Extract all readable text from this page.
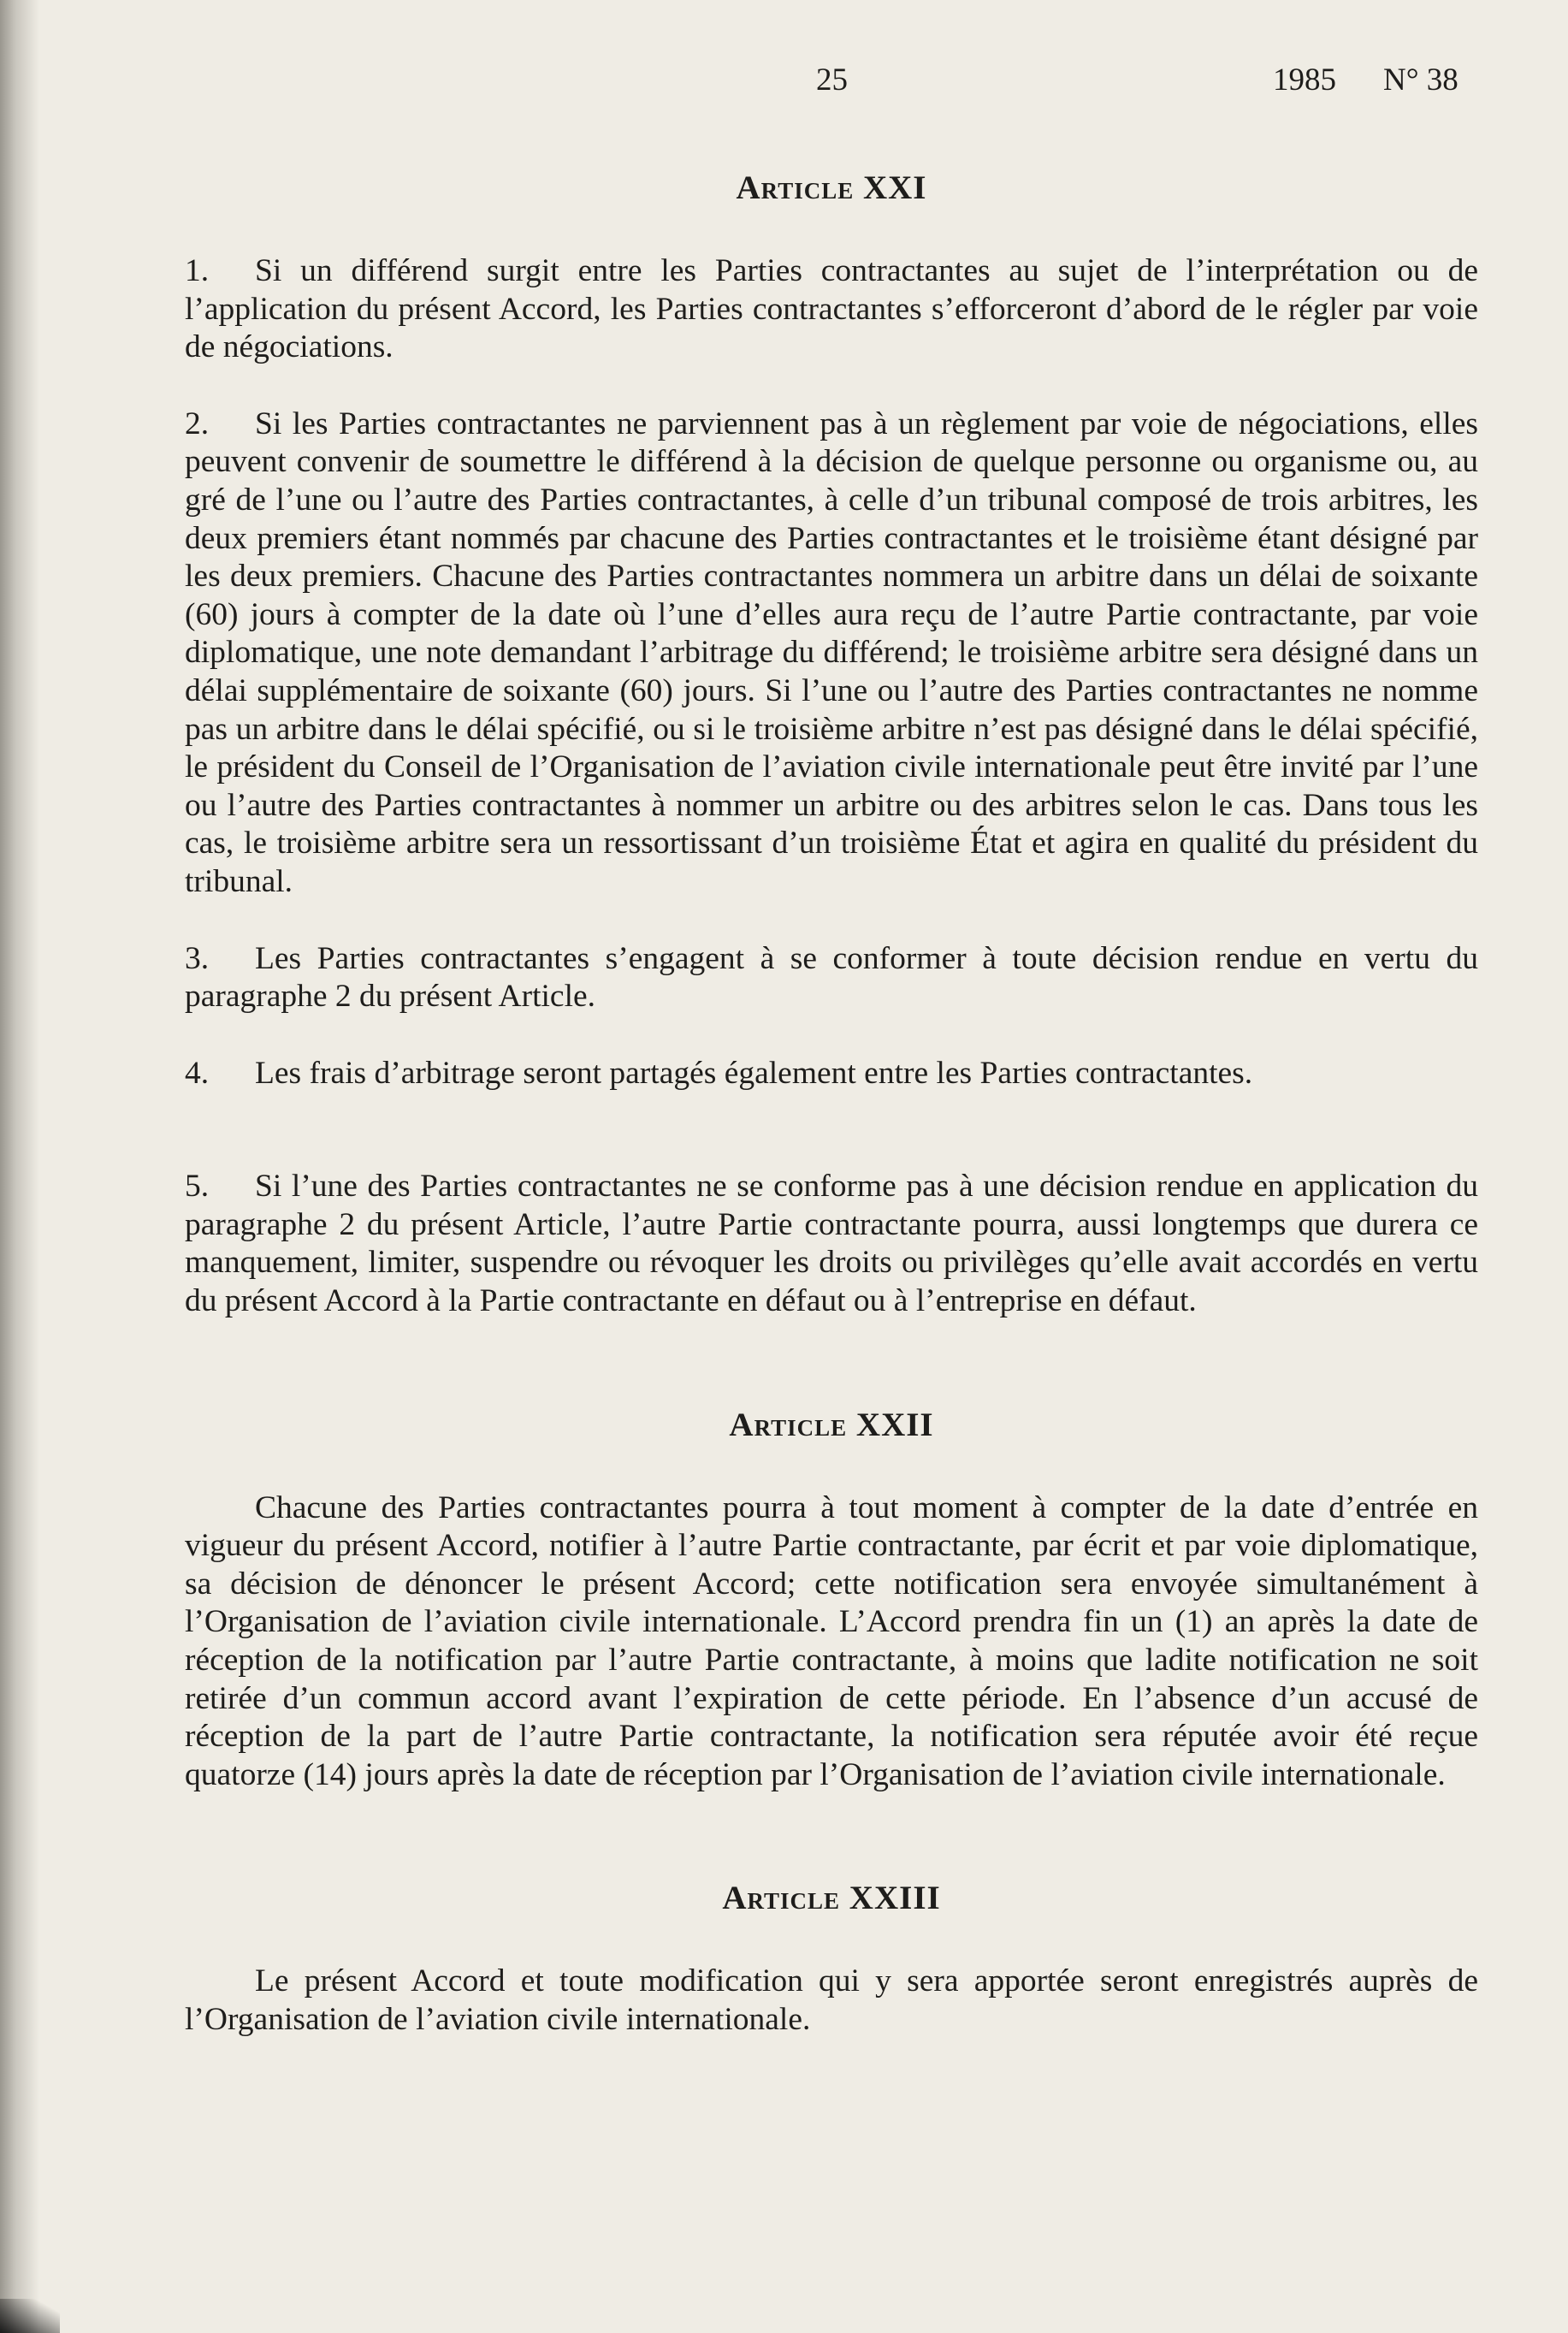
25	1985 N° 38
Article XXI

1. Si un différend surgit entre les Parties contractantes au sujet de l’interprétation ou de l’application du présent Accord, les Parties contractantes s’efforceront d’abord de le régler par voie de négociations.

2. Si les Parties contractantes ne parviennent pas à un règlement par voie de négociations, elles peuvent convenir de soumettre le différend à la décision de quelque personne ou organisme ou, au gré de l’une ou l’autre des Parties contractantes, à celle d’un tribunal composé de trois arbitres, les deux premiers étant nommés par chacune des Parties contractantes et le troisième étant désigné par les deux premiers. Chacune des Parties contractantes nommera un arbitre dans un délai de soixante (60) jours à compter de la date où l’une d’elles aura reçu de l’autre Partie contractante, par voie diplomatique, une note demandant l’arbitrage du différend; le troisième arbitre sera désigné dans un délai supplémentaire de soixante (60) jours. Si l’une ou l’autre des Parties contractantes ne nomme pas un arbitre dans le délai spécifié, ou si le troisième arbitre n’est pas désigné dans le délai spécifié, le président du Conseil de l’Organisation de l’aviation civile internationale peut être invité par l’une ou l’autre des Parties contractantes à nommer un arbitre ou des arbitres selon le cas. Dans tous les cas, le troisième arbitre sera un ressortissant d’un troisième État et agira en qualité du président du tribunal.

3. Les Parties contractantes s’engagent à se conformer à toute décision rendue en vertu du paragraphe 2 du présent Article.

4. Les frais d’arbitrage seront partagés également entre les Parties contractantes.

5. Si l’une des Parties contractantes ne se conforme pas à une décision rendue en application du paragraphe 2 du présent Article, l’autre Partie contractante pourra, aussi longtemps que durera ce manquement, limiter, suspendre ou révoquer les droits ou privilèges qu’elle avait accordés en vertu du présent Accord à la Partie contractante en défaut ou à l’entreprise en défaut.

Article XXII

Chacune des Parties contractantes pourra à tout moment à compter de la date d’entrée en vigueur du présent Accord, notifier à l’autre Partie contractante, par écrit et par voie diplomatique, sa décision de dénoncer le présent Accord; cette notification sera envoyée simultanément à l’Organisation de l’aviation civile internationale. L’Accord prendra fin un (1) an après la date de réception de la notification par l’autre Partie contractante, à moins que ladite notification ne soit retirée d’un commun accord avant l’expiration de cette période. En l’absence d’un accusé de réception de la part de l’autre Partie contractante, la notification sera réputée avoir été reçue quatorze (14) jours après la date de réception par l’Organisation de l’aviation civile internationale.

Article XXIII

Le présent Accord et toute modification qui y sera apportée seront enregistrés auprès de l’Organisation de l’aviation civile internationale.
